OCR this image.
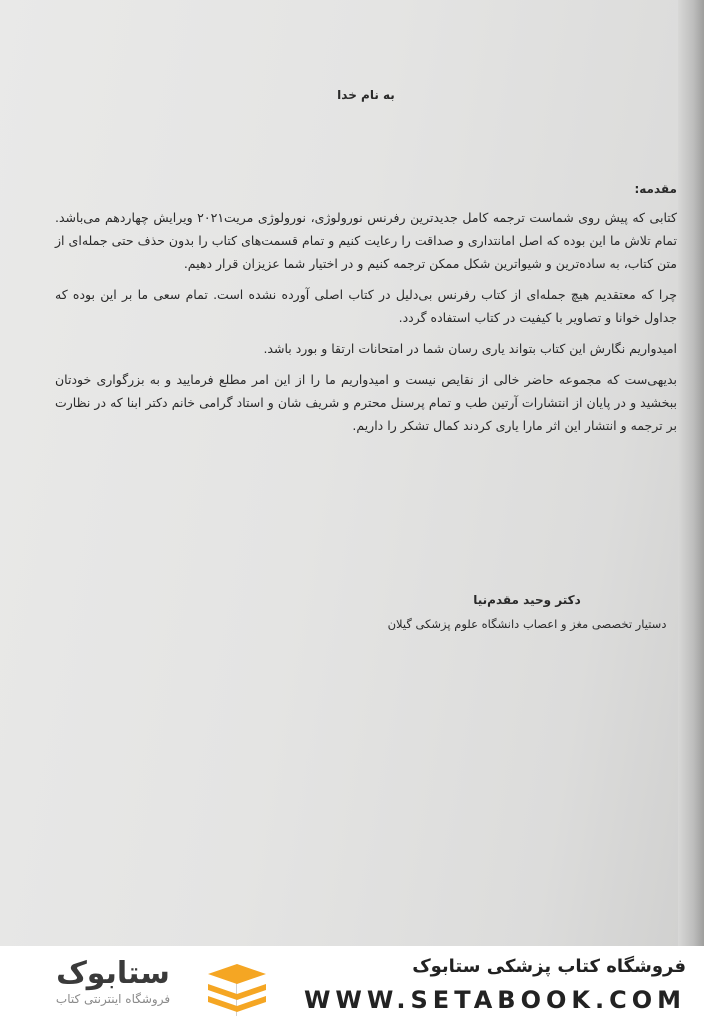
به نام خدا
مقدمه:

کتابی که پیش روی شماست ترجمه کامل جدیدترین رفرنس نورولوژی، نورولوژی مریت۲۰۲۱ ویرایش چهاردهم می‌باشد. تمام تلاش ما این بوده که اصل امانتداری و صداقت را رعایت کنیم و تمام قسمت‌های کتاب را بدون حذف حتی جمله‌ای از متن کتاب، به ساده‌ترین و شیواترین شکل ممکن ترجمه کنیم و در اختیار شما عزیزان قرار دهیم.

چرا که معتقدیم هیچ جمله‌ای از کتاب رفرنس بی‌دلیل در کتاب اصلی آورده نشده است. تمام سعی ما بر این بوده که جداول خوانا و تصاویر با کیفیت در کتاب استفاده گردد.

امیدواریم نگارش این کتاب بتواند یاری رسان شما در امتحانات ارتقا و بورد باشد.

بدیهی‌ست که مجموعه حاضر خالی از نقایص نیست و امیدواریم ما را از این امر مطلع فرمایید و به بزرگواری خودتان ببخشید و در پایان از انتشارات آرتین طب و تمام پرسنل محترم و شریف شان و استاد گرامی خانم دکتر ابنا که در نظارت بر ترجمه و انتشار این اثر مارا یاری کردند کمال تشکر را داریم.

دکتر وحید مقدم‌نیا
دستیار تخصصی مغز و اعصاب دانشگاه علوم پزشکی گیلان
ستابوک
فروشگاه اینترنتی کتاب
فروشگاه کتاب پزشکی ستابوک
WWW.SETABOOK.COM
